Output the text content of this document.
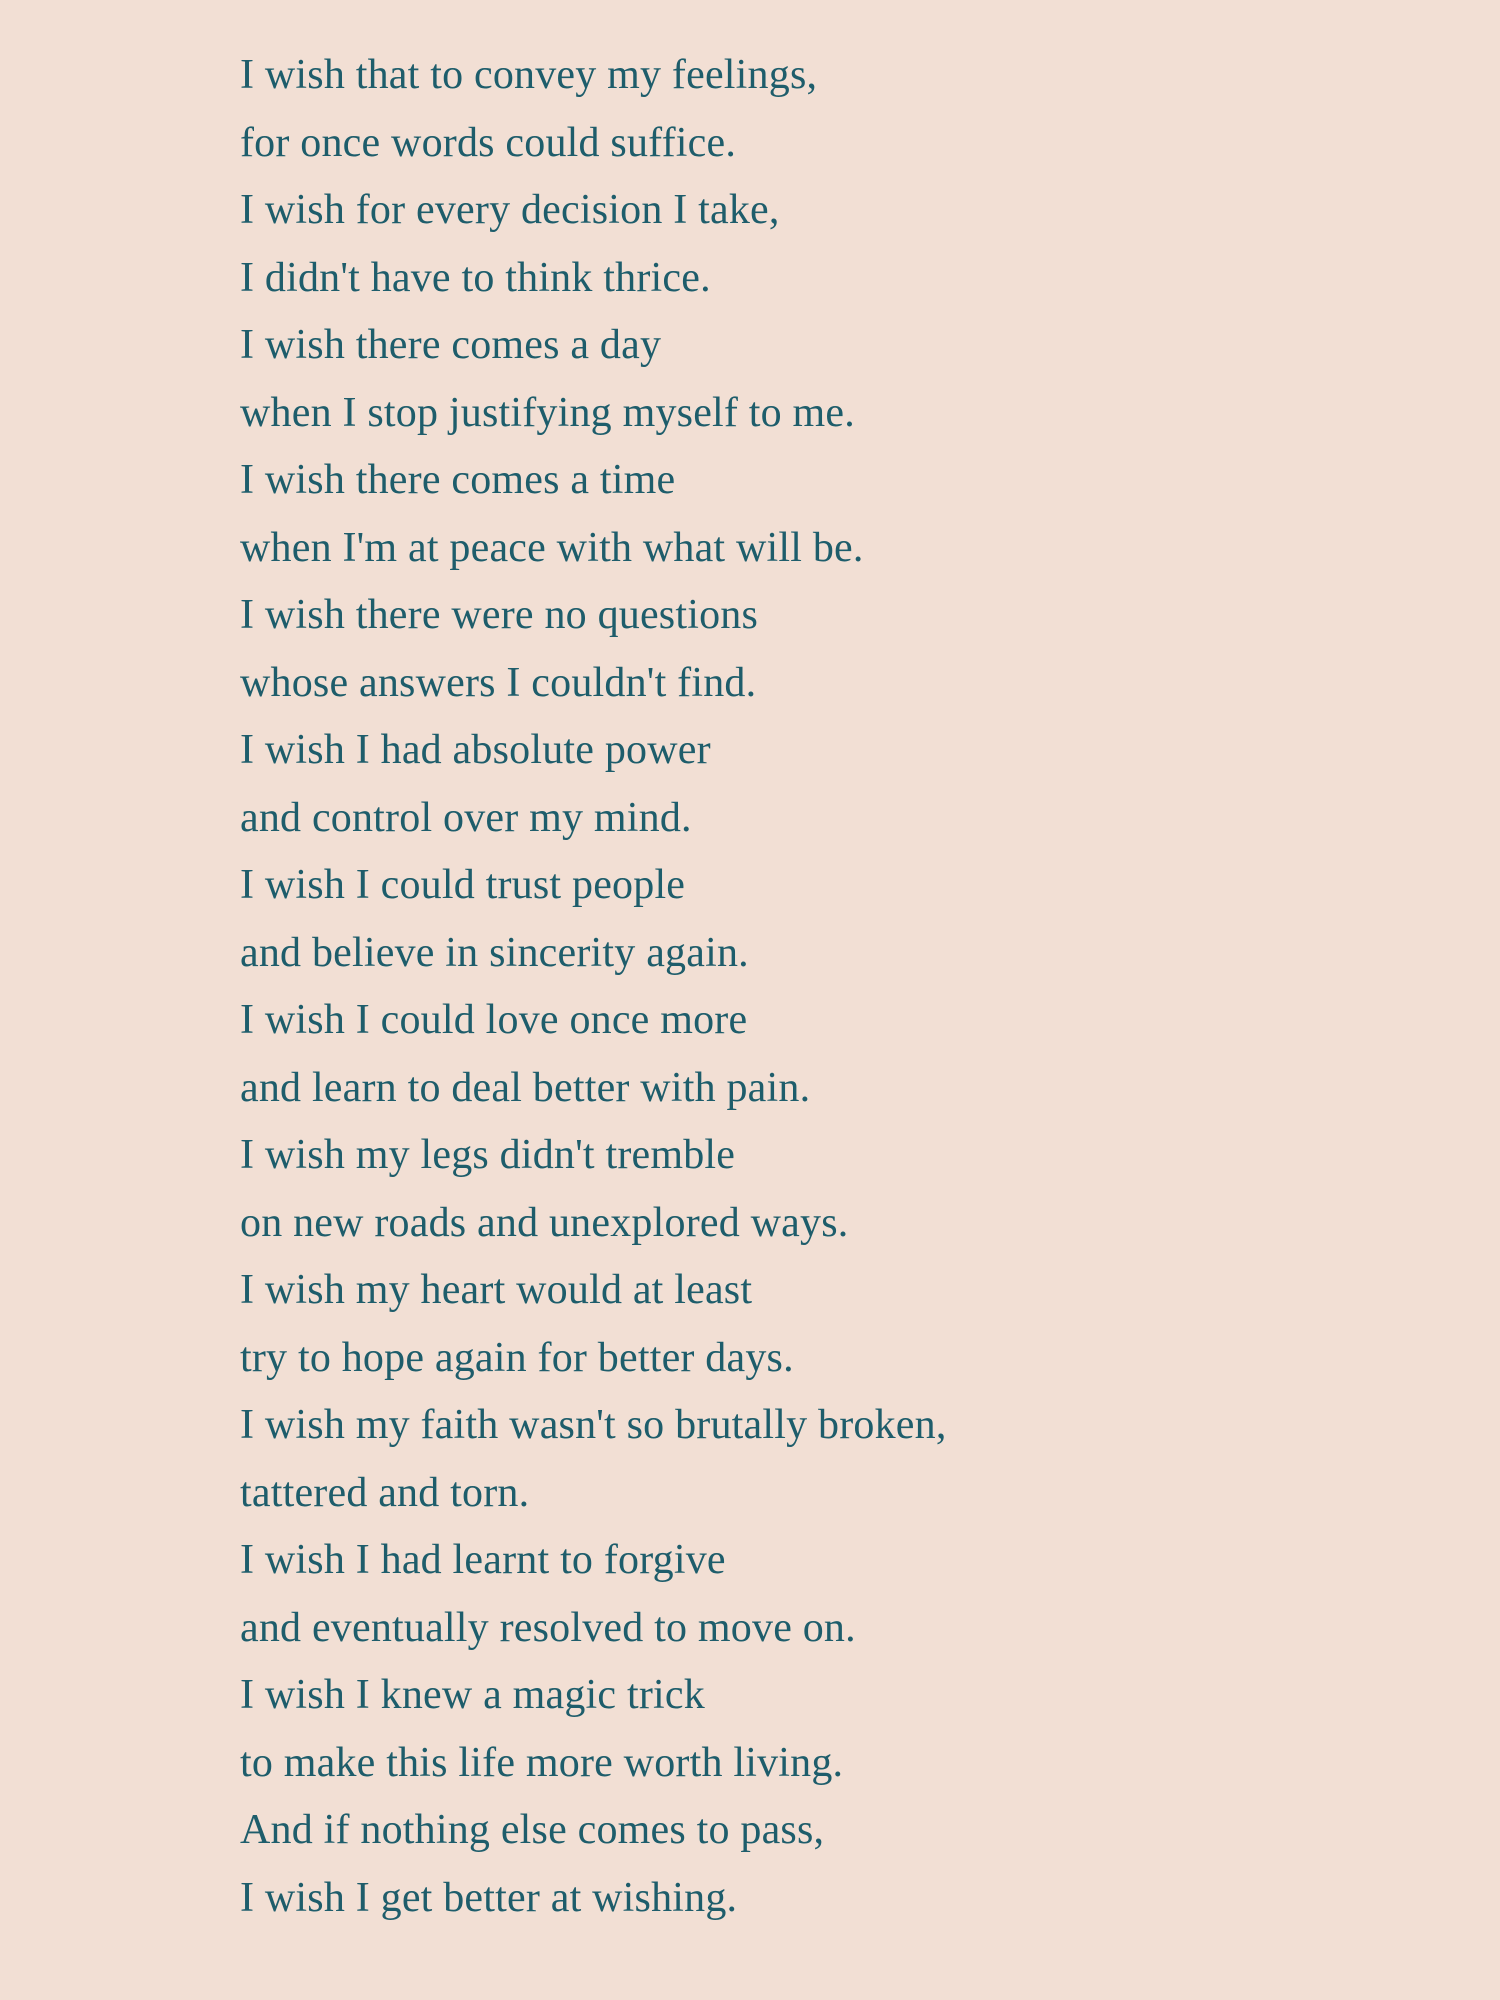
I wish that to convey my feelings,
for once words could suffice.
I wish for every decision I take,
I didn't have to think thrice.
I wish there comes a day
when I stop justifying myself to me.
I wish there comes a time
when I'm at peace with what will be.
I wish there were no questions
whose answers I couldn't find.
I wish I had absolute power
and control over my mind.
I wish I could trust people
and believe in sincerity again.
I wish I could love once more
and learn to deal better with pain.
I wish my legs didn't tremble
on new roads and unexplored ways.
I wish my heart would at least
try to hope again for better days.
I wish my faith wasn't so brutally broken,
tattered and torn.
I wish I had learnt to forgive
and eventually resolved to move on.
I wish I knew a magic trick
to make this life more worth living.
And if nothing else comes to pass,
I wish I get better at wishing.
